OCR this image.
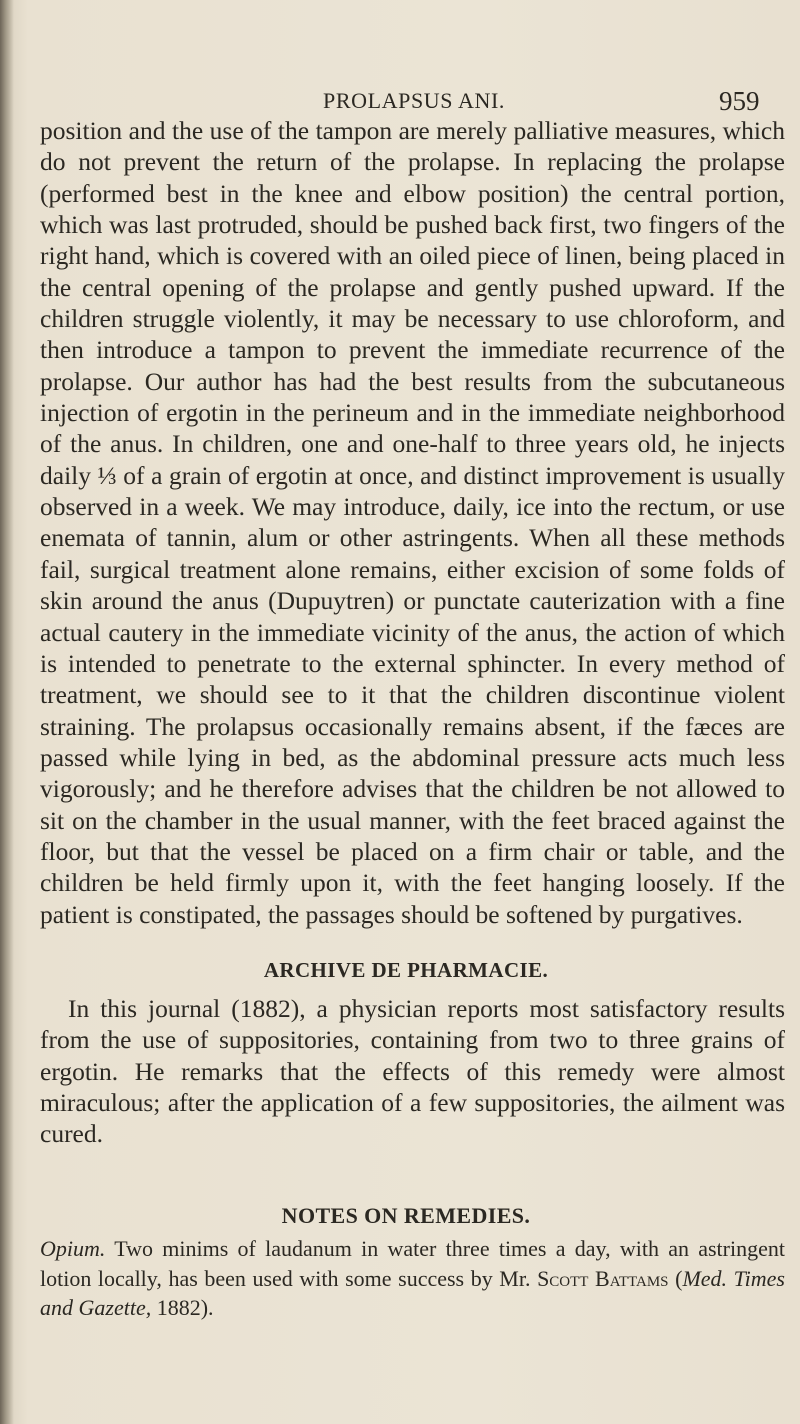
PROLAPSUS ANI.	959

position and the use of the tampon are merely palliative measures, which do not prevent the return of the prolapse. In replacing the prolapse (performed best in the knee and elbow position) the central portion, which was last protruded, should be pushed back first, two fingers of the right hand, which is covered with an oiled piece of linen, being placed in the central opening of the prolapse and gently pushed upward. If the children struggle violently, it may be necessary to use chloroform, and then introduce a tampon to prevent the immediate recurrence of the prolapse. Our author has had the best results from the subcutaneous injection of ergotin in the perineum and in the immediate neighborhood of the anus. In children, one and one-half to three years old, he injects daily ⅓ of a grain of ergotin at once, and distinct improvement is usually observed in a week. We may introduce, daily, ice into the rectum, or use enemata of tannin, alum or other astringents. When all these methods fail, surgical treatment alone remains, either excision of some folds of skin around the anus (Dupuytren) or punctate cauterization with a fine actual cautery in the immediate vicinity of the anus, the action of which is intended to penetrate to the external sphincter. In every method of treatment, we should see to it that the children discontinue violent straining. The prolapsus occasionally remains absent, if the fæces are passed while lying in bed, as the abdominal pressure acts much less vigorously; and he therefore advises that the children be not allowed to sit on the chamber in the usual manner, with the feet braced against the floor, but that the vessel be placed on a firm chair or table, and the children be held firmly upon it, with the feet hanging loosely. If the patient is constipated, the passages should be softened by purgatives.

ARCHIVE DE PHARMACIE.

In this journal (1882), a physician reports most satisfactory results from the use of suppositories, containing from two to three grains of ergotin. He remarks that the effects of this remedy were almost miraculous; after the application of a few suppositories, the ailment was cured.

NOTES ON REMEDIES.

Opium. Two minims of laudanum in water three times a day, with an astringent lotion locally, has been used with some success by Mr. Scott Battams (Med. Times and Gazette, 1882).
